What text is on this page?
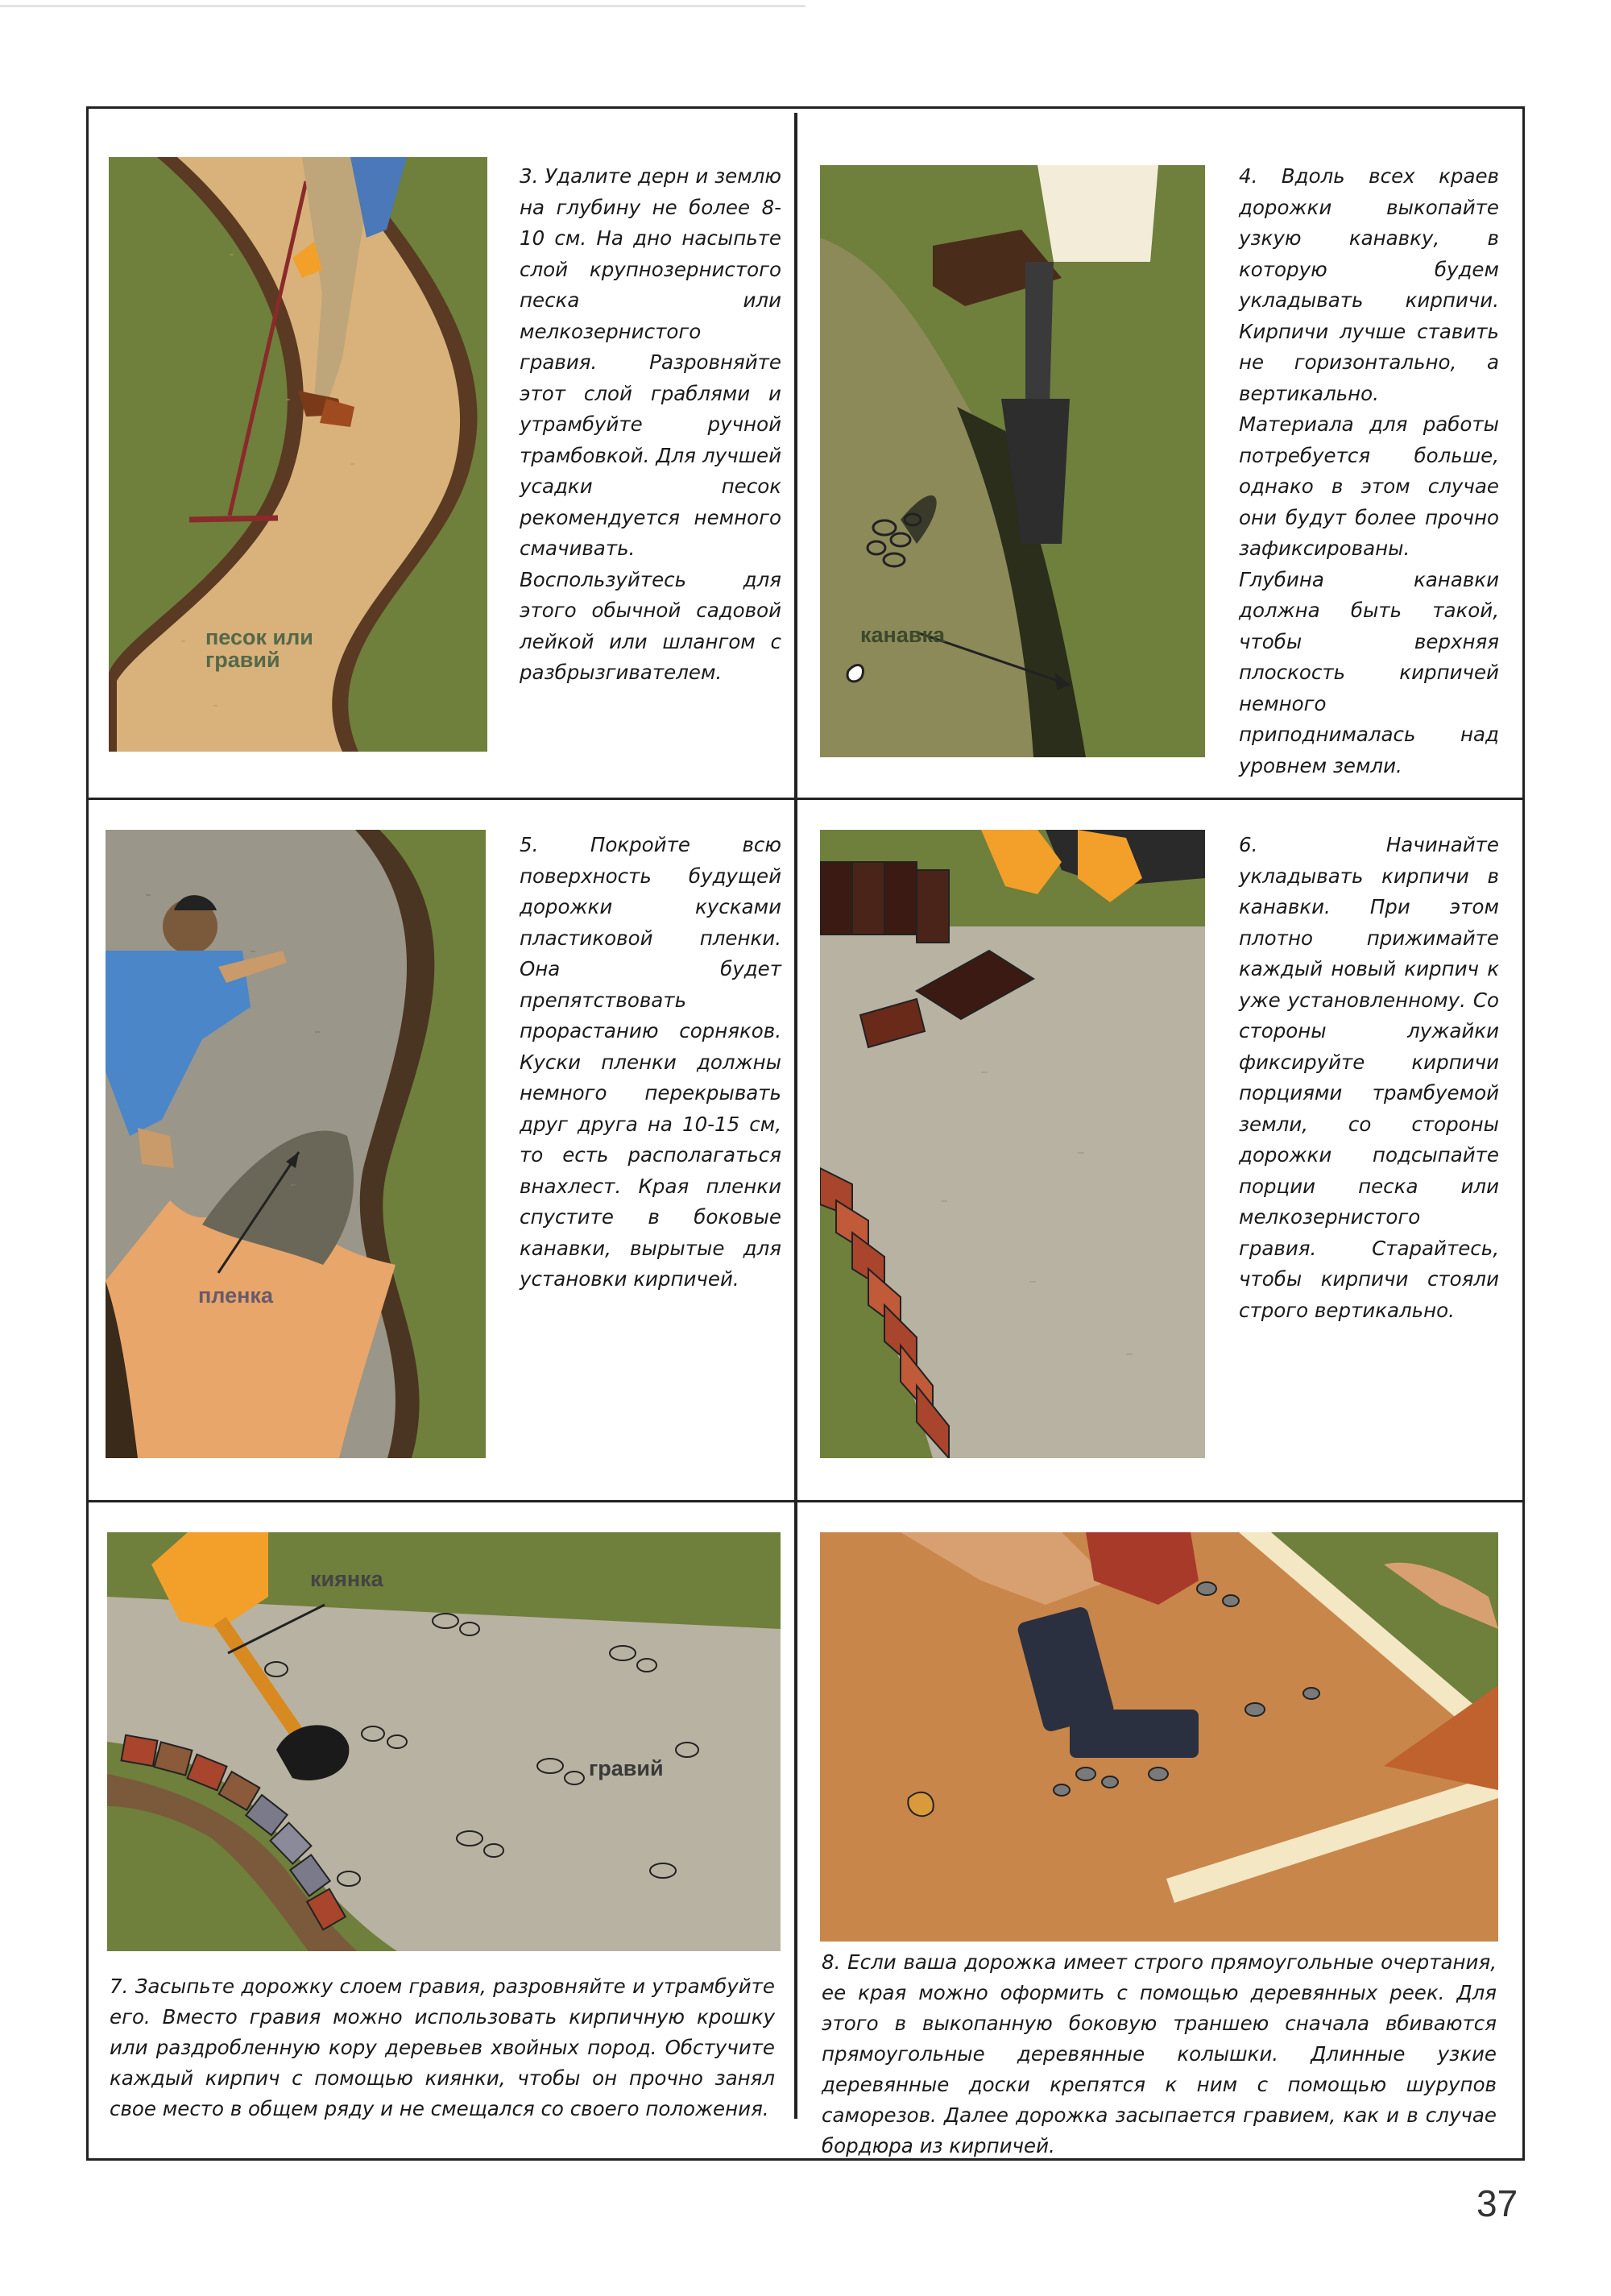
песок или гравий
3. Удалите дерн и землю на глубину не более 8-10 см. На дно насыпьте слой крупнозернистого песка или мелкозернистого гравия. Разровняйте этот слой граблями и утрамбуйте ручной трамбовкой. Для лучшей усадки песок рекомендуется немного смачивать. Воспользуйтесь для этого обычной садовой лейкой или шлангом с разбрызгивателем.
канавка
4. Вдоль всех краев дорожки выкопайте узкую канавку, в которую будем укладывать кирпичи. Кирпичи лучше ставить не горизонтально, а вертикально. Материала для работы потребуется больше, однако в этом случае они будут более прочно зафиксированы. Глубина канавки должна быть такой, чтобы верхняя плоскость кирпичей немного приподнималась над уровнем земли.
пленка
5. Покройте всю поверхность будущей дорожки кусками пластиковой пленки. Она будет препятствовать прорастанию сорняков. Куски пленки должны немного перекрывать друг друга на 10-15 см, то есть располагаться внахлест. Края пленки спустите в боковые канавки, вырытые для установки кирпичей.
6. Начинайте укладывать кирпичи в канавки. При этом плотно прижимайте каждый новый кирпич к уже установленному. Со стороны лужайки фиксируйте кирпичи порциями трамбуемой земли, со стороны дорожки подсыпайте порции песка или мелкозернистого гравия. Старайтесь, чтобы кирпичи стояли строго вертикально.
киянка
гравий
7. Засыпьте дорожку слоем гравия, разровняйте и утрамбуйте его. Вместо гравия можно использовать кирпичную крошку или раздробленную кору деревьев хвойных пород. Обстучите каждый кирпич с помощью киянки, чтобы он прочно занял свое место в общем ряду и не смещался со своего положения.
8. Если ваша дорожка имеет строго прямоугольные очертания, ее края можно оформить с помощью деревянных реек. Для этого в выкопанную боковую траншею сначала вбиваются прямоугольные деревянные колышки. Длинные узкие деревянные доски крепятся к ним с помощью шурупов саморезов. Далее дорожка засыпается гравием, как и в случае бордюра из кирпичей.
37
